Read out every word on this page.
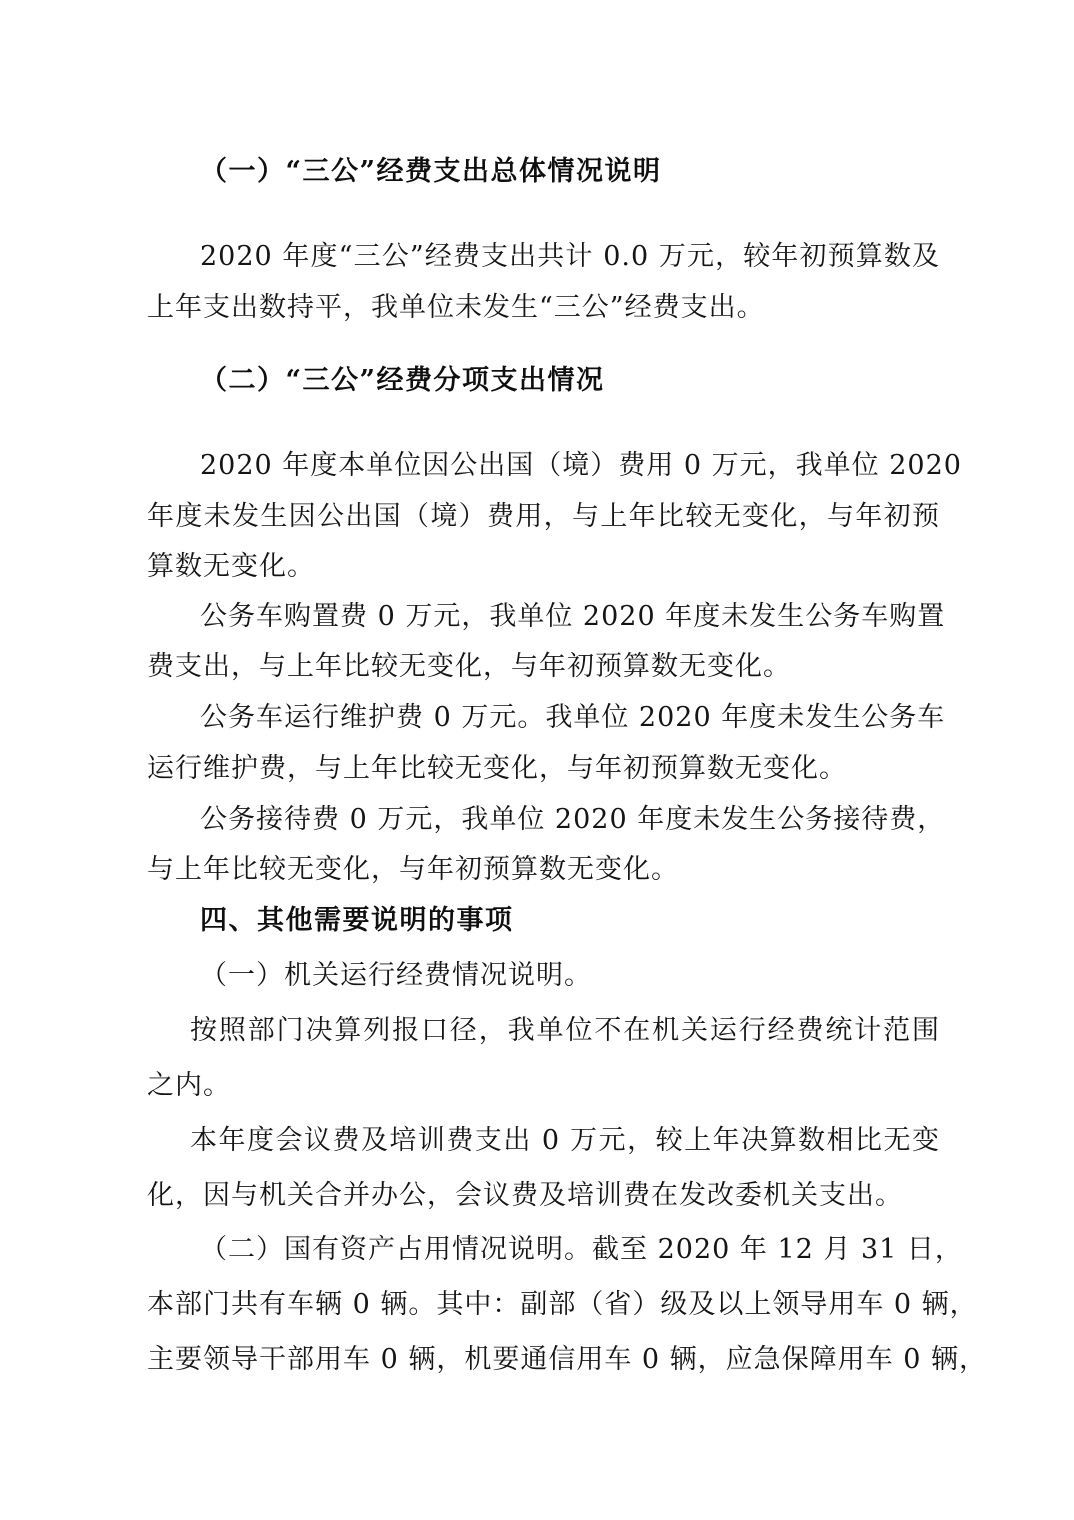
（一）“三公”经费支出总体情况说明
2020 年度“三公”经费支出共计 0.0 万元，较年初预算数及
上年支出数持平，我单位未发生“三公”经费支出。
（二）“三公”经费分项支出情况
2020 年度本单位因公出国（境）费用 0 万元，我单位 2020
年度未发生因公出国（境）费用，与上年比较无变化，与年初预
算数无变化。
公务车购置费 0 万元，我单位 2020 年度未发生公务车购置
费支出，与上年比较无变化，与年初预算数无变化。
公务车运行维护费 0 万元。我单位 2020 年度未发生公务车
运行维护费，与上年比较无变化，与年初预算数无变化。
公务接待费 0 万元，我单位 2020 年度未发生公务接待费，
与上年比较无变化，与年初预算数无变化。
四、其他需要说明的事项
（一）机关运行经费情况说明。
按照部门决算列报口径，我单位不在机关运行经费统计范围
之内。
本年度会议费及培训费支出 0 万元，较上年决算数相比无变
化，因与机关合并办公，会议费及培训费在发改委机关支出。
（二）国有资产占用情况说明。截至 2020 年 12 月 31 日，
本部门共有车辆 0 辆。其中：副部（省）级及以上领导用车 0 辆，
主要领导干部用车 0 辆，机要通信用车 0 辆，应急保障用车 0 辆，
